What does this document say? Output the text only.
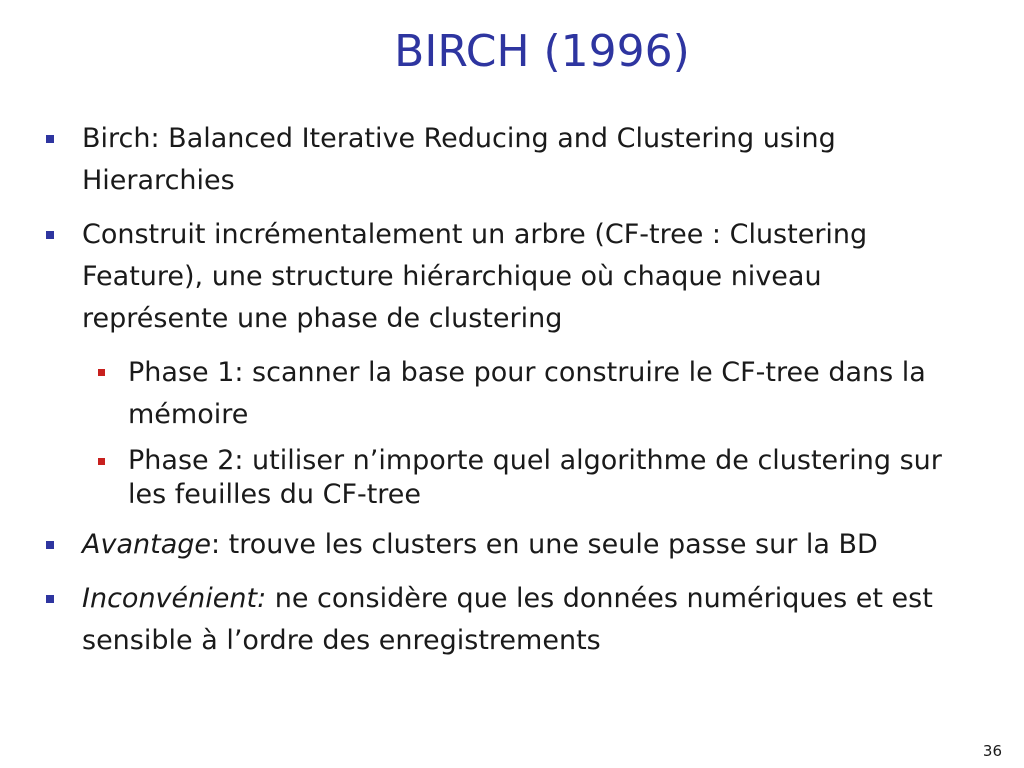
BIRCH (1996)
Birch: Balanced Iterative Reducing and Clustering using Hierarchies
Construit incrémentalement un arbre (CF-tree : Clustering Feature), une structure hiérarchique où chaque niveau représente une phase de clustering
Phase 1: scanner la base pour construire le CF-tree dans la mémoire
Phase 2: utiliser n’importe quel algorithme de clustering sur les feuilles du CF-tree
Avantage: trouve les clusters en une seule passe sur la BD
Inconvénient: ne considère que les données numériques et est sensible à l’ordre des enregistrements
36
